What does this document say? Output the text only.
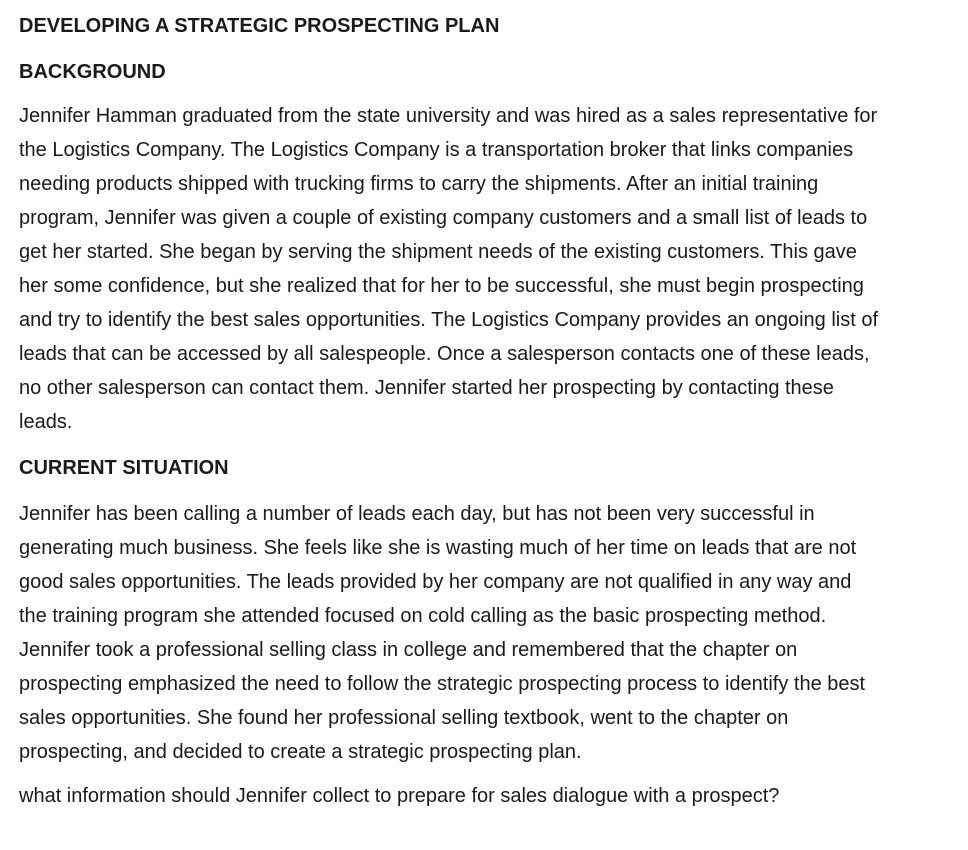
DEVELOPING A STRATEGIC PROSPECTING PLAN
BACKGROUND
Jennifer Hamman graduated from the state university and was hired as a sales representative for
the Logistics Company. The Logistics Company is a transportation broker that links companies
needing products shipped with trucking firms to carry the shipments. After an initial training
program, Jennifer was given a couple of existing company customers and a small list of leads to
get her started. She began by serving the shipment needs of the existing customers. This gave
her some confidence, but she realized that for her to be successful, she must begin prospecting
and try to identify the best sales opportunities. The Logistics Company provides an ongoing list of
leads that can be accessed by all salespeople. Once a salesperson contacts one of these leads,
no other salesperson can contact them. Jennifer started her prospecting by contacting these
leads.
CURRENT SITUATION
Jennifer has been calling a number of leads each day, but has not been very successful in
generating much business. She feels like she is wasting much of her time on leads that are not
good sales opportunities. The leads provided by her company are not qualified in any way and
the training program she attended focused on cold calling as the basic prospecting method.
Jennifer took a professional selling class in college and remembered that the chapter on
prospecting emphasized the need to follow the strategic prospecting process to identify the best
sales opportunities. She found her professional selling textbook, went to the chapter on
prospecting, and decided to create a strategic prospecting plan.
what information should Jennifer collect to prepare for sales dialogue with a prospect?
